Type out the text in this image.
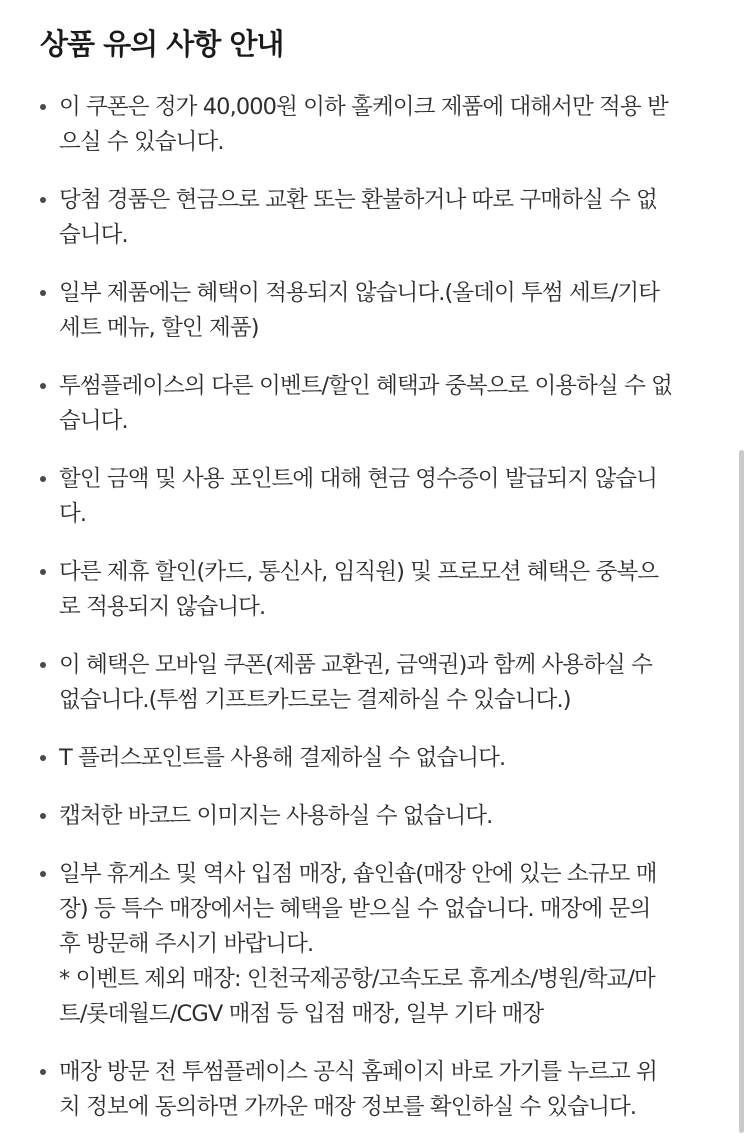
상품 유의 사항 안내
이 쿠폰은 정가 40,000원 이하 홀케이크 제품에 대해서만 적용 받
으실 수 있습니다.
당첨 경품은 현금으로 교환 또는 환불하거나 따로 구매하실 수 없
습니다.
일부 제품에는 혜택이 적용되지 않습니다.(올데이 투썸 세트/기타
세트 메뉴, 할인 제품)
투썸플레이스의 다른 이벤트/할인 혜택과 중복으로 이용하실 수 없
습니다.
할인 금액 및 사용 포인트에 대해 현금 영수증이 발급되지 않습니
다.
다른 제휴 할인(카드, 통신사, 임직원) 및 프로모션 혜택은 중복으
로 적용되지 않습니다.
이 혜택은 모바일 쿠폰(제품 교환권, 금액권)과 함께 사용하실 수
없습니다.(투썸 기프트카드로는 결제하실 수 있습니다.)
T 플러스포인트를 사용해 결제하실 수 없습니다.
캡처한 바코드 이미지는 사용하실 수 없습니다.
일부 휴게소 및 역사 입점 매장, 숍인숍(매장 안에 있는 소규모 매
장) 등 특수 매장에서는 혜택을 받으실 수 없습니다. 매장에 문의
후 방문해 주시기 바랍니다.
* 이벤트 제외 매장: 인천국제공항/고속도로 휴게소/병원/학교/마
트/롯데월드/CGV 매점 등 입점 매장, 일부 기타 매장
매장 방문 전 투썸플레이스 공식 홈페이지 바로 가기를 누르고 위
치 정보에 동의하면 가까운 매장 정보를 확인하실 수 있습니다.
